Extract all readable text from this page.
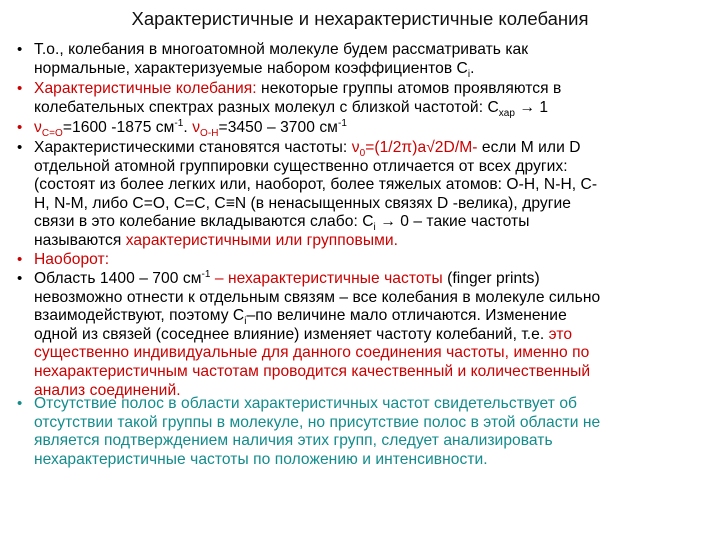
Характеристичные и нехарактеристичные колебания
• Т.о., колебания в многоатомной молекуле будем рассматривать как
нормальные, характеризуемые набором коэффициентов $С_i$.
• Характеристичные колебания: некоторые группы атомов проявляются в
колебательных спектрах разных молекул с близкой частотой: $С_{хар} \to 1$
• $\nu_{C=O}=1600$ -1875 $см^{-1}$. $\nu_{O-H}=3450 - 3700$ $см^{-1}$
• Характеристическими становятся частоты: $\nu_0=(1/2\pi)a√2D/M-$ если М или D
отдельной атомной группировки существенно отличается от всех других:
(состоят из более легких или, наоборот, более тяжелых атомов: O-H, N-H, C-
H, N-M, либо С=О, С=С, C≡N (в ненасыщенных связях D -велика), другие
связи в это колебание вкладываются слабо: $С_i \to 0$ – такие частоты
называются характеристичными или групповыми.
• Наоборот:
• Область 1400 – 700 $см^{-1}$ – нехарактеристичные частоты (finger prints)
невозможно отнести к отдельным связям – все колебания в молекуле сильно
взаимодействуют, поэтому $С_i-по$ величине мало отличаются. Изменение
одной из связей (соседнее влияние) изменяет частоту колебаний, т.е. это
существенно индивидуальные для данного соединения частоты, именно по
нехарактеристичным частотам проводится качественный и количественный
анализ соединений.
• Отсутствие полос в области характеристичных частот свидетельствует об
отсутствии такой группы в молекуле, но присутствие полос в этой области не
является подтверждением наличия этих групп, следует анализировать
нехарактеристичные частоты по положению и интенсивности.
